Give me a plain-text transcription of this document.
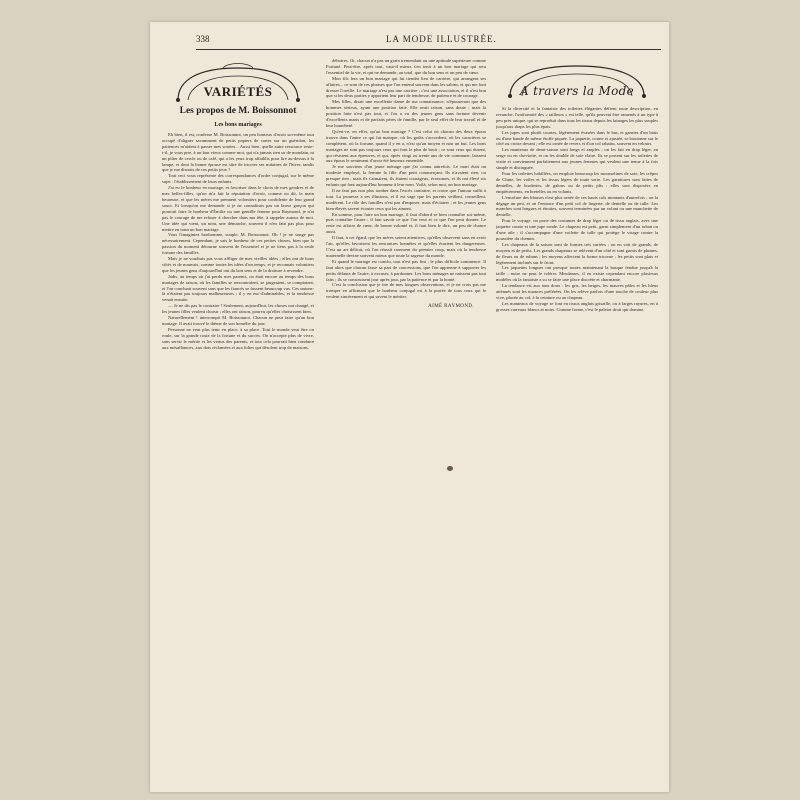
338	LA MODE ILLUSTRÉE.
VARIÉTÉS
Les propos de M. Boissonnot
Les bons mariages

Eh bien, il est, confesse M. Boissonnot, un peu honteux d'avoir soi-même tout occupé d'aligner savamment de petits papiers de cartes sur un guéridon, les patiences m'aident à passer mes soirées... Aussi bien, quelle autre ressource reste-t-il, je vous prie, à un bon vieux comme moi, qui n'a jamais rien su de mondain, ni un pilier de cercle ou de café, qui a les yeux trop affaiblis pour lire au-dessus à la lampe, et dont la bonne épouse est sûre de tricoter ses mitaines de l'hiver, tandis que je me distrais de ces petits jeux ?

Tout ceci vous représente des correspondances d'ordre conjugal, sur le même sujet : l'établissement de leurs enfants.

J'ai eu le bonheur en mariage, et favoriser dans le choix de mes gendres et de mes belles-filles, qu'on m'a fait la réputation d'avoir, comme on dit, la main heureuse, et que les mères me prennent volontiers pour confidente de leur grand souci. Et lorsqu'on me demande si je ne connaîtrais pas un brave garçon qui pourrait faire le bonheur d'Émilie ou une gentille femme pour Raymond, je n'ai pas le courage de me refuser à chercher dans ma tête, à rappeler autour de moi. Une idée qui vient, un nom, une démarche, souvent il n'en faut pas plus pour mettre en train un bon mariage.

Vous l'imaginiez bonhomme, souple, M. Boissonnot. Oh ! je ne songe pas nécessairement. Cependant, je sais le bonheur de ces petites choses, bien que la passion du moment détourne souvent de l'essentiel et je ne tiens pas à la seule fortune des familles.

Mais je ne voudrais pas vous affliger de mes vieilles idées ; elles ont de bons côtés et de mauvais, comme toutes les idées d'un temps, et je reconnais volontiers que les jeunes gens d'aujourd'hui ont du bon sens et de la droiture à revendre.

Jadis, au temps où j'ai perdu mes parents, on était encore au temps des bons mariages de raison, où les familles se rencontraient, se jaugeaient, se comptaient, et l'on concluait souvent sans que les fiancés se fussent beaucoup vus. Ces unions-là n'étaient pas toujours malheureuses ; il y en eut d'admirables, et la tendresse venait ensuite.

— Je ne dis pas le contraire ! Seulement, aujourd'hui, les choses ont changé, et les jeunes filles veulent choisir ; elles ont raison, pourvu qu'elles choisissent bien.

Naturellement ! interrompit M. Boissonnot. Chacun ne peut faire qu'un bon mariage. Il avait trouvé le thème de son homélie du jour.

Personne ne veut plus tenir en place, à sa place. Tout le monde veut être ou roule, sur la grande route de la fortune et du succès. On n'accepte plus de vivre, sans servir le mérite et les vertus des parents, et tout cela pourrait bien conduire aux mésalliances, aux dots réclamées et aux folies qui désolent trop de maisons.

déboires. Or, chacun n'a pas un grain tremendant ou une aptitude supérieure comme Fortuné. Peut-être, après tout, vaut-il mieux s'en tenir à un bon mariage qui sera l'essentiel de la vie, et qui ne demande, au total, que du bon sens et un peu de cœur.

Mon fils fera un bon mariage qui lui tiendra lieu de carrière, qui arrangera ses affaires... ce sont de ces phrases que l'on entend souvent dans les salons, et qui me font dresser l'oreille. Le mariage n'est pas une carrière ; c'est une association, et il n'est bon que si les deux parties y apportent leur part de tendresse, de patience et de courage.

Mes filles, disait une excellente dame de ma connaissance, n'épouseront que des hommes sérieux, ayant une position faite. Elle avait raison, sans doute ; mais la position faite n'est pas tout, et l'on a vu des jeunes gens sans fortune devenir d'excellents maris et de parfaits pères de famille, par le seul effet de leur travail et de leur honnêteté.

Qu'est-ce, en effet, qu'un bon mariage ? C'est celui où chacun des deux époux trouve dans l'autre ce qui lui manque, où les goûts s'accordent, où les caractères se complètent, où la fortune, quand il y en a, n'est qu'un moyen et non un but. Les bons mariages ne sont pas toujours ceux qui font le plus de bruit ; ce sont ceux qui durent, qui résistent aux épreuves, et qui, après vingt ou trente ans de vie commune, laissent aux époux le sentiment d'avoir été heureux ensemble.

Je me souviens d'un jeune ménage que j'ai connu autrefois. Le mari était un modeste employé, la femme la fille d'un petit commerçant. Ils n'avaient rien, ou presque rien ; mais ils s'aimaient, ils étaient courageux, économes, et ils ont élevé six enfants qui font aujourd'hui honneur à leur nom. Voilà, selon moi, un bon mariage.

Il ne faut pas non plus tomber dans l'excès contraire, et croire que l'amour suffit à tout. La jeunesse a ses illusions, et il est sage que les parents veillent, conseillent, modèrent. Le rôle des familles n'est pas d'imposer, mais d'éclairer ; et les jeunes gens bien élevés savent écouter ceux qui les aiment.

En somme, pour faire un bon mariage, il faut d'abord se bien connaître soi-même, puis connaître l'autre ; il faut savoir ce que l'on veut et ce que l'on peut donner. Le reste est affaire de cœur, de bonne volonté et, il faut bien le dire, un peu de chance aussi.

Il faut, à cet égard, que les mères soient attentives, qu'elles observent sans en avoir l'air, qu'elles favorisent les rencontres honnêtes et qu'elles écartent les dangereuses. C'est un art délicat, où l'on réussit rarement du premier coup, mais où la tendresse maternelle devine souvent mieux que toute la sagesse du monde.

Et quand le mariage est conclu, tout n'est pas fini ; le plus difficile commence. Il faut alors que chacun fasse sa part de concessions, que l'on apprenne à supporter les petits défauts de l'autre, à excuser, à pardonner. Les bons ménages ne naissent pas tout faits ; ils se construisent jour après jour, par la patience et par la bonté.

C'est la conclusion que je tire de mes longues observations, et je ne crois pas me tromper en affirmant que le bonheur conjugal est à la portée de tous ceux qui le veulent sincèrement et qui savent le mériter.

AIMÉ RAYMOND.
A travers la Mode

Si la diversité et la fantaisie des toilettes élégantes défient toute description, en revanche, l'uniformité des « tailleurs » est telle, qu'ils peuvent être ramenés à un type à peu près unique, qui se reproduit dans tous les tissus depuis les lainages les plus souples jusqu'aux draps les plus épais.

Les jupes sont plutôt courtes, légèrement évasées dans le bas, et garnies d'un biais ou d'une bande de même étoffe piquée. La jaquette, courte et ajustée, se boutonne sur le côté ou croise devant ; elle est ornée de revers et d'un col rabattu, souvent en velours.

Les manteaux de demi-saison sont longs et amples ; on les fait en drap léger, en serge ou en cheviotte, et on les double de soie claire. Ils se portent sur les toilettes de visite et conviennent parfaitement aux jeunes femmes qui veulent une tenue à la fois simple et distinguée.

Pour les toilettes habillées, on emploie beaucoup les mousselines de soie, les crêpes de Chine, les voiles et les tissus légers de toute sorte. Les garnitures sont faites de dentelles, de broderies, de galons ou de petits plis ; elles sont disposées en empiècements, en bretelles ou en volants.

L'encolure des blouses n'est plus ornée de ces hauts cols montants d'autrefois ; on la dégage un peu, et on l'entoure d'un petit col de lingerie, de dentelle ou de tulle. Les manches sont longues et étroites, souvent terminées par un volant ou une manchette de dentelle.

Pour le voyage, on porte des costumes de drap léger ou de tissu anglais, avec une jaquette courte et une jupe ronde. Le chapeau est petit, garni simplement d'un ruban ou d'une aile ; il s'accompagne d'une voilette de tulle qui protège le visage contre la poussière du chemin.

Les chapeaux de la saison sont de formes très variées ; on en voit de grands, de moyens et de petits. Les grands chapeaux se relèvent d'un côté et sont garnis de plumes, de fleurs ou de rubans ; les moyens affectent la forme tricorne ; les petits sont plats et légèrement inclinés sur le front.

Les jaquettes longues ont presque toutes maintenant la basque fendue jusqu'à la taille ; notre ne peut le tolérer. Mesdames, il en existe cependant encore plusieurs modèles où la fantaisie a su se faire une place discrète et charmante.

La tendance est aux tons doux : les gris, les beiges, les mauves pâles et les bleus atténués sont les nuances préférées. On les relève parfois d'une touche de couleur plus vive, placée au col, à la ceinture ou au chapeau.

Les manteaux de voyage se font en tissus anglais grisaille, ou à larges rayures, en à grosses carreaux blancs et noirs. Comme forme, c'est le paletot droit qui domine.
